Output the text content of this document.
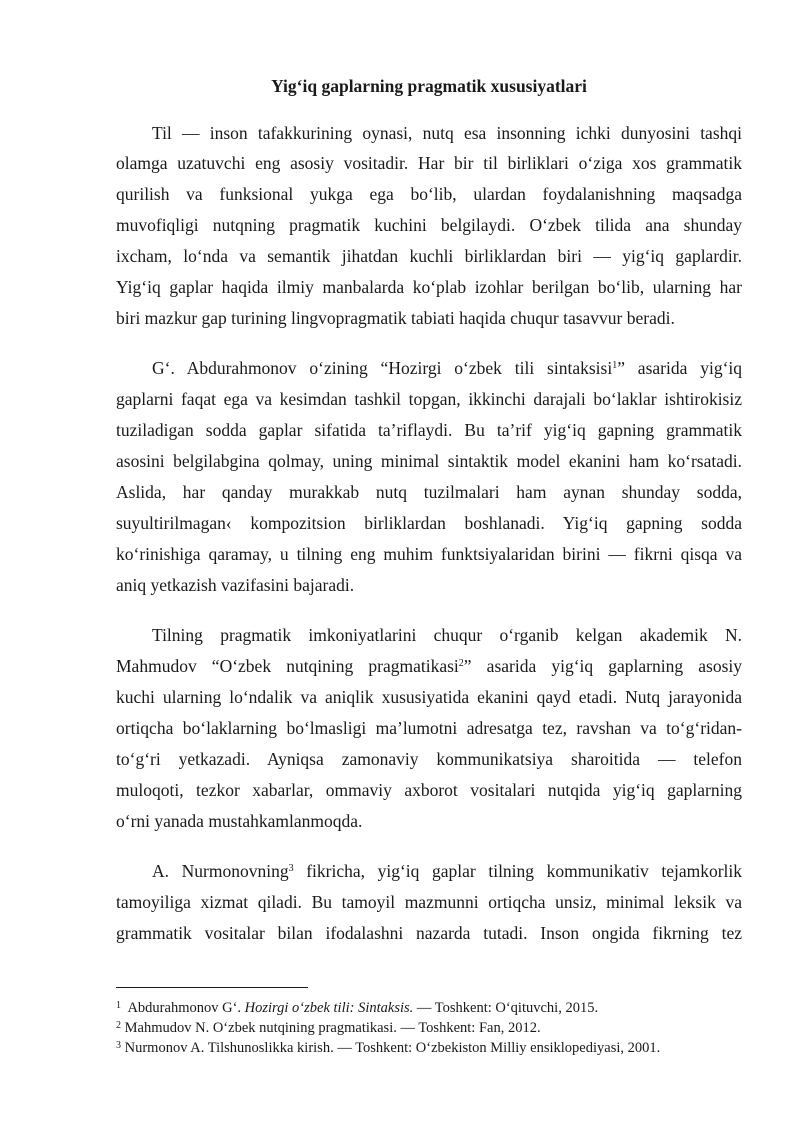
Yig‘iq gaplarning pragmatik xususiyatlari
Til — inson tafakkurining oynasi, nutq esa insonning ichki dunyosini tashqi
olamga uzatuvchi eng asosiy vositadir. Har bir til birliklari o‘ziga xos grammatik
qurilish va funksional yukga ega bo‘lib, ulardan foydalanishning maqsadga
muvofiqligi nutqning pragmatik kuchini belgilaydi. O‘zbek tilida ana shunday
ixcham, lo‘nda va semantik jihatdan kuchli birliklardan biri — yig‘iq gaplardir.
Yig‘iq gaplar haqida ilmiy manbalarda ko‘plab izohlar berilgan bo‘lib, ularning har
biri mazkur gap turining lingvopragmatik tabiati haqida chuqur tasavvur beradi.
G‘. Abdurahmonov o‘zining “Hozirgi o‘zbek tili sintaksisi$^1$” asarida yig‘iq
gaplarni faqat ega va kesimdan tashkil topgan, ikkinchi darajali bo‘laklar ishtirokisiz
tuziladigan sodda gaplar sifatida ta’riflaydi. Bu ta’rif yig‘iq gapning grammatik
asosini belgilabgina qolmay, uning minimal sintaktik model ekanini ham ko‘rsatadi.
Aslida, har qanday murakkab nutq tuzilmalari ham aynan shunday sodda,
suyultirilmagan‹ kompozitsion birliklardan boshlanadi. Yig‘iq gapning sodda
ko‘rinishiga qaramay, u tilning eng muhim funktsiyalaridan birini — fikrni qisqa va
aniq yetkazish vazifasini bajaradi.
Tilning pragmatik imkoniyatlarini chuqur o‘rganib kelgan akademik N.
Mahmudov “O‘zbek nutqining pragmatikasi$^2$” asarida yig‘iq gaplarning asosiy
kuchi ularning lo‘ndalik va aniqlik xususiyatida ekanini qayd etadi. Nutq jarayonida
ortiqcha bo‘laklarning bo‘lmasligi ma’lumotni adresatga tez, ravshan va to‘g‘ridan-
to‘g‘ri yetkazadi. Ayniqsa zamonaviy kommunikatsiya sharoitida — telefon
muloqoti, tezkor xabarlar, ommaviy axborot vositalari nutqida yig‘iq gaplarning
o‘rni yanada mustahkamlanmoqda.
A. Nurmonovning$^3$ fikricha, yig‘iq gaplar tilning kommunikativ tejamkorlik
tamoyiliga xizmat qiladi. Bu tamoyil mazmunni ortiqcha unsiz, minimal leksik va
grammatik vositalar bilan ifodalashni nazarda tutadi. Inson ongida fikrning tez
$^1$ Abdurahmonov G‘. Hozirgi o‘zbek tili: Sintaksis. — Toshkent: O‘qituvchi, 2015.
$^2$ Mahmudov N. O‘zbek nutqining pragmatikasi. — Toshkent: Fan, 2012.
$^3$ Nurmonov A. Tilshunoslikka kirish. — Toshkent: O‘zbekiston Milliy ensiklopediyasi, 2001.
